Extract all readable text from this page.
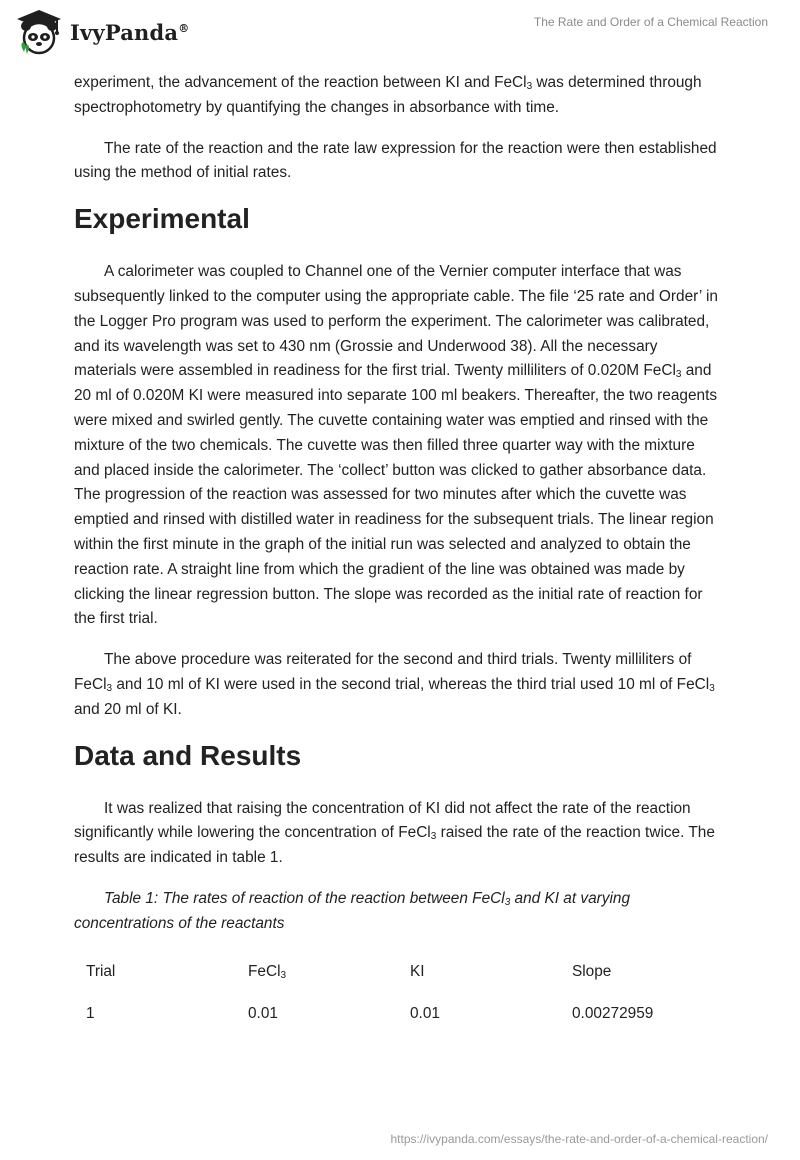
IvyPanda®	The Rate and Order of a Chemical Reaction

experiment, the advancement of the reaction between KI and FeCl$_3$ was determined through spectrophotometry by quantifying the changes in absorbance with time.

The rate of the reaction and the rate law expression for the reaction were then established using the method of initial rates.

Experimental

A calorimeter was coupled to Channel one of the Vernier computer interface that was subsequently linked to the computer using the appropriate cable. The file ‘25 rate and Order’ in the Logger Pro program was used to perform the experiment. The calorimeter was calibrated, and its wavelength was set to 430 nm (Grossie and Underwood 38). All the necessary materials were assembled in readiness for the first trial. Twenty milliliters of 0.020M FeCl$_3$ and 20 ml of 0.020M KI were measured into separate 100 ml beakers. Thereafter, the two reagents were mixed and swirled gently. The cuvette containing water was emptied and rinsed with the mixture of the two chemicals. The cuvette was then filled three quarter way with the mixture and placed inside the calorimeter. The ‘collect’ button was clicked to gather absorbance data. The progression of the reaction was assessed for two minutes after which the cuvette was emptied and rinsed with distilled water in readiness for the subsequent trials. The linear region within the first minute in the graph of the initial run was selected and analyzed to obtain the reaction rate. A straight line from which the gradient of the line was obtained was made by clicking the linear regression button. The slope was recorded as the initial rate of reaction for the first trial.

The above procedure was reiterated for the second and third trials. Twenty milliliters of FeCl$_3$ and 10 ml of KI were used in the second trial, whereas the third trial used 10 ml of FeCl$_3$ and 20 ml of KI.

Data and Results

It was realized that raising the concentration of KI did not affect the rate of the reaction significantly while lowering the concentration of FeCl$_3$ raised the rate of the reaction twice. The results are indicated in table 1.

Table 1: The rates of reaction of the reaction between FeCl$_3$ and KI at varying concentrations of the reactants

Trial	FeCl$_3$	KI	Slope
1	0.01	0.01	0.00272959
https://ivypanda.com/essays/the-rate-and-order-of-a-chemical-reaction/
